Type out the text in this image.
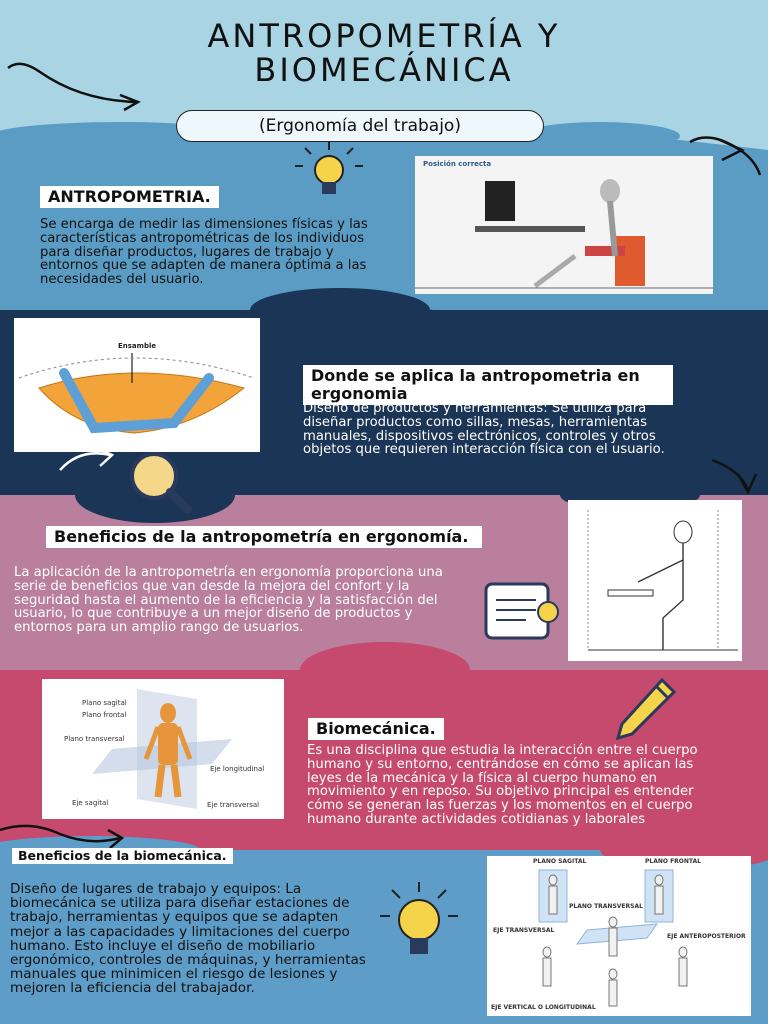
ANTROPOMETRÍA Y
BIOMECÁNICA
(Ergonomía del trabajo)
ANTROPOMETRIA.
Se encarga de medir las dimensiones físicas y las características antropométricas de los individuos para diseñar productos, lugares de trabajo y entornos que se adapten de manera óptima a las necesidades del usuario.
Posición correcta
Ensamble
Donde se aplica la antropometria en ergonomia
Diseño de productos y herramientas: Se utiliza para diseñar productos como sillas, mesas, herramientas manuales, dispositivos electrónicos, controles y otros objetos que requieren interacción física con el usuario.
Beneficios de la antropometría en ergonomía.
La aplicación de la antropometría en ergonomía proporciona una serie de beneficios que van desde la mejora del confort y la seguridad hasta el aumento de la eficiencia y la satisfacción del usuario, lo que contribuye a un mejor diseño de productos y entornos para un amplio rango de usuarios.
Plano sagital
Plano frontal
Plano transversal
Eje longitudinal
Eje sagital	Eje transversal
Biomecánica.
Es una disciplina que estudia la interacción entre el cuerpo humano y su entorno, centrándose en cómo se aplican las leyes de la mecánica y la física al cuerpo humano en movimiento y en reposo. Su objetivo principal es entender cómo se generan las fuerzas y los momentos en el cuerpo humano durante actividades cotidianas y laborales
Beneficios de la biomecánica.
Diseño de lugares de trabajo y equipos: La biomecánica se utiliza para diseñar estaciones de trabajo, herramientas y equipos que se adapten mejor a las capacidades y limitaciones del cuerpo humano. Esto incluye el diseño de mobiliario ergonómico, controles de máquinas, y herramientas manuales que minimicen el riesgo de lesiones y mejoren la eficiencia del trabajador.
PLANO SAGITAL	PLANO FRONTAL
PLANO TRANSVERSAL
EJE TRANSVERSAL
EJE ANTEROPOSTERIOR
EJE VERTICAL O LONGITUDINAL
